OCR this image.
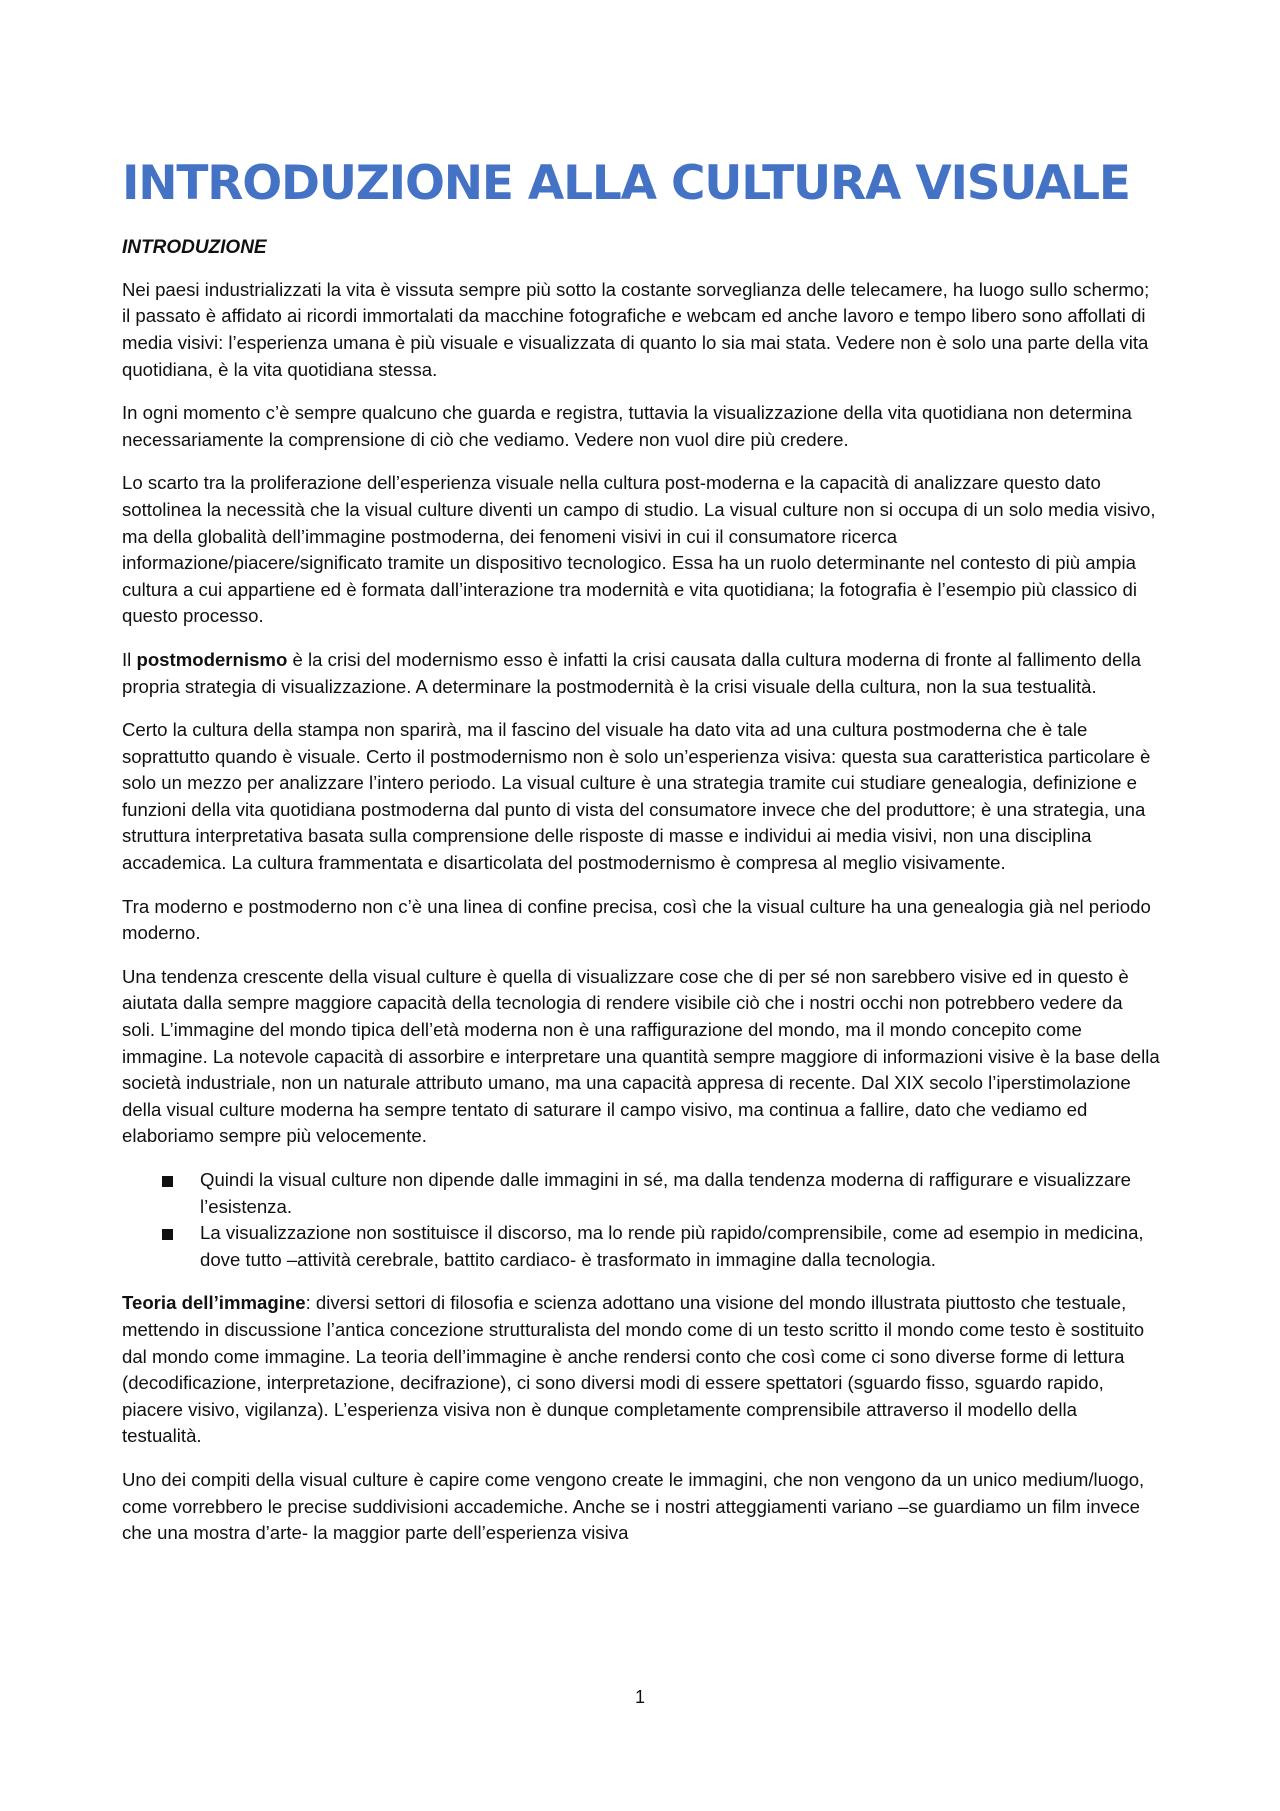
INTRODUZIONE ALLA CULTURA VISUALE
INTRODUZIONE

Nei paesi industrializzati la vita è vissuta sempre più sotto la costante sorveglianza delle telecamere, ha luogo sullo schermo; il passato è affidato ai ricordi immortalati da macchine fotografiche e webcam ed anche lavoro e tempo libero sono affollati di media visivi: l’esperienza umana è più visuale e visualizzata di quanto lo sia mai stata. Vedere non è solo una parte della vita quotidiana, è la vita quotidiana stessa.

In ogni momento c’è sempre qualcuno che guarda e registra, tuttavia la visualizzazione della vita quotidiana non determina necessariamente la comprensione di ciò che vediamo. Vedere non vuol dire più credere.

Lo scarto tra la proliferazione dell’esperienza visuale nella cultura post-moderna e la capacità di analizzare questo dato sottolinea la necessità che la visual culture diventi un campo di studio. La visual culture non si occupa di un solo media visivo, ma della globalità dell’immagine postmoderna, dei fenomeni visivi in cui il consumatore ricerca informazione/piacere/significato tramite un dispositivo tecnologico. Essa ha un ruolo determinante nel contesto di più ampia cultura a cui appartiene ed è formata dall’interazione tra modernità e vita quotidiana; la fotografia è l’esempio più classico di questo processo.

Il postmodernismo è la crisi del modernismo esso è infatti la crisi causata dalla cultura moderna di fronte al fallimento della propria strategia di visualizzazione. A determinare la postmodernità è la crisi visuale della cultura, non la sua testualità.

Certo la cultura della stampa non sparirà, ma il fascino del visuale ha dato vita ad una cultura postmoderna che è tale soprattutto quando è visuale. Certo il postmodernismo non è solo un’esperienza visiva: questa sua caratteristica particolare è solo un mezzo per analizzare l’intero periodo. La visual culture è una strategia tramite cui studiare genealogia, definizione e funzioni della vita quotidiana postmoderna dal punto di vista del consumatore invece che del produttore; è una strategia, una struttura interpretativa basata sulla comprensione delle risposte di masse e individui ai media visivi, non una disciplina accademica. La cultura frammentata e disarticolata del postmodernismo è compresa al meglio visivamente.

Tra moderno e postmoderno non c’è una linea di confine precisa, così che la visual culture ha una genealogia già nel periodo moderno.

Una tendenza crescente della visual culture è quella di visualizzare cose che di per sé non sarebbero visive ed in questo è aiutata dalla sempre maggiore capacità della tecnologia di rendere visibile ciò che i nostri occhi non potrebbero vedere da soli. L’immagine del mondo tipica dell’età moderna non è una raffigurazione del mondo, ma il mondo concepito come immagine. La notevole capacità di assorbire e interpretare una quantità sempre maggiore di informazioni visive è la base della società industriale, non un naturale attributo umano, ma una capacità appresa di recente. Dal XIX secolo l’iperstimolazione della visual culture moderna ha sempre tentato di saturare il campo visivo, ma continua a fallire, dato che vediamo ed elaboriamo sempre più velocemente.

Quindi la visual culture non dipende dalle immagini in sé, ma dalla tendenza moderna di raffigurare e visualizzare l’esistenza.
La visualizzazione non sostituisce il discorso, ma lo rende più rapido/comprensibile, come ad esempio in medicina, dove tutto –attività cerebrale, battito cardiaco- è trasformato in immagine dalla tecnologia.

Teoria dell’immagine: diversi settori di filosofia e scienza adottano una visione del mondo illustrata piuttosto che testuale, mettendo in discussione l’antica concezione strutturalista del mondo come di un testo scritto il mondo come testo è sostituito dal mondo come immagine. La teoria dell’immagine è anche rendersi conto che così come ci sono diverse forme di lettura (decodificazione, interpretazione, decifrazione), ci sono diversi modi di essere spettatori (sguardo fisso, sguardo rapido, piacere visivo, vigilanza). L’esperienza visiva non è dunque completamente comprensibile attraverso il modello della testualità.

Uno dei compiti della visual culture è capire come vengono create le immagini, che non vengono da un unico medium/luogo, come vorrebbero le precise suddivisioni accademiche. Anche se i nostri atteggiamenti variano –se guardiamo un film invece che una mostra d’arte- la maggior parte dell’esperienza visiva

1
